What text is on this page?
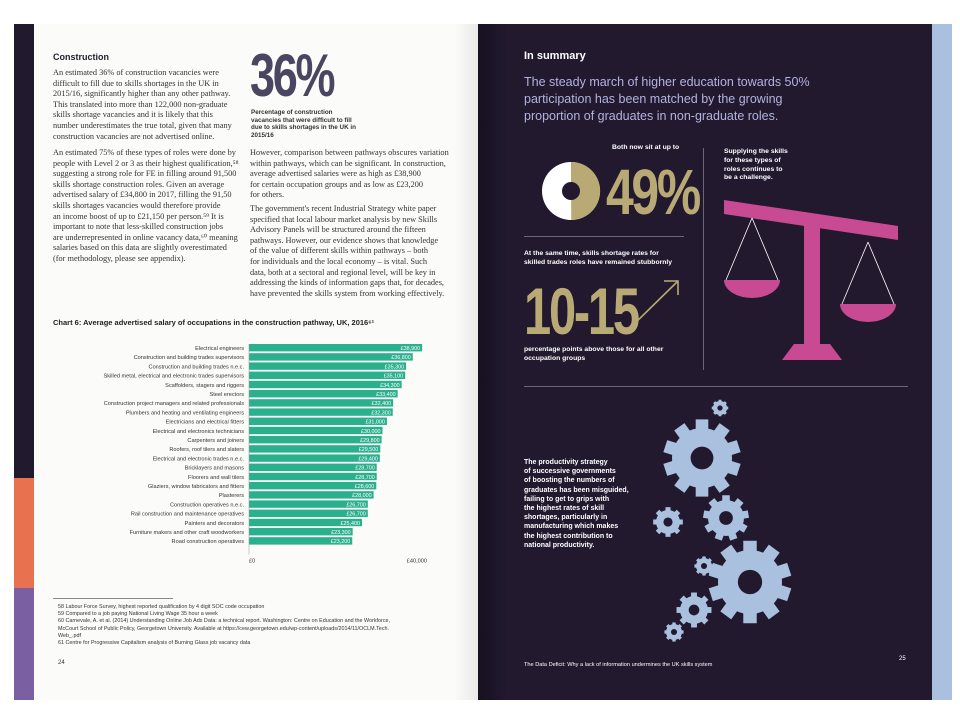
Construction
An estimated 36% of construction vacancies were
difficult to fill due to skills shortages in the UK in
2015/16, significantly higher than any other pathway.
This translated into more than 122,000 non-graduate
skills shortage vacancies and it is likely that this
number underestimates the true total, given that many
construction vacancies are not advertised online.
An estimated 75% of these types of roles were done by
people with Level 2 or 3 as their highest qualification,⁵⁸
suggesting a strong role for FE in filling around 91,500
skills shortage construction roles. Given an average
advertised salary of £34,800 in 2017, filling the 91,50
skills shortages vacancies would therefore provide
an income boost of up to £21,150 per person.⁵⁹ It is
important to note that less-skilled construction jobs
are underrepresented in online vacancy data,⁶⁰ meaning
salaries based on this data are slightly overestimated
(for methodology, please see appendix).
36%
Percentage of construction vacancies that were difficult to fill due to skills shortages in the UK in 2015/16
However, comparison between pathways obscures variation
within pathways, which can be significant. In construction,
average advertised salaries were as high as £38,900
for certain occupation groups and as low as £23,200
for others.
The government's recent Industrial Strategy white paper
specified that local labour market analysis by new Skills
Advisory Panels will be structured around the fifteen
pathways. However, our evidence shows that knowledge
of the value of different skills within pathways – both
for individuals and the local economy – is vital. Such
data, both at a sectoral and regional level, will be key in
addressing the kinds of information gaps that, for decades,
have prevented the skills system from working effectively.
Chart 6: Average advertised salary of occupations in the construction pathway, UK, 2016⁶¹
Electrical engineers	£38,900
Construction and building trades supervisors	£36,800
Construction and building trades n.e.c.	£35,300
Skilled metal, electrical and electronic trades supervisors	£35,100
Scaffolders, stagers and riggers	£34,300
Steel erectors	£33,400
Construction project managers and related professionals	£32,400
Plumbers and heating and ventilating engineers	£32,300
Electricians and electrical fitters	£31,000
Electrical and electronics technicians	£30,000
Carpenters and joiners	£29,800
Roofers, roof tilers and slaters	£29,500
Electrical and electronic trades n.e.c.	£29,400
Bricklayers and masons	£28,700
Floorers and wall tilers	£28,700
Glaziers, window fabricators and fitters	£28,600
Plasterers	£28,000
Construction operatives n.e.c.	£26,700
Rail construction and maintenance operatives	£26,700
Painters and decorators	£25,400
Furniture makers and other craft woodworkers	£23,300
Road construction operatives	£23,200
£0	£40,000
58 Labour Force Survey, highest reported qualification by 4 digit SOC code occupation
59 Compared to a job paying National Living Wage 35 hour a week
60 Carnevale, A. et al. (2014) Understanding Online Job Ads Data: a technical report. Washington: Centre on Education and the Workforce,
McCourt School of Public Policy, Georgetown University. Available at https://cew.georgetown.edu/wp-content/uploads/2014/11/OCLM.Tech.
Web_.pdf
61 Centre for Progressive Capitalism analysis of Burning Glass job vacancy data
24
In summary
The steady march of higher education towards 50% participation has been matched by the growing proportion of graduates in non-graduate roles.
Both now sit at up to
49%
Supplying the skills
for these types of
roles continues to
be a challenge.
At the same time, skills shortage rates for
skilled trades roles have remained stubbornly
10-15
percentage points above those for all other
occupation groups
The productivity strategy
of successive governments
of boosting the numbers of
graduates has been misguided,
failing to get to grips with
the highest rates of skill
shortages, particularly in
manufacturing which makes
the highest contribution to
national productivity.
The Data Deficit: Why a lack of information undermines the UK skills system
25
